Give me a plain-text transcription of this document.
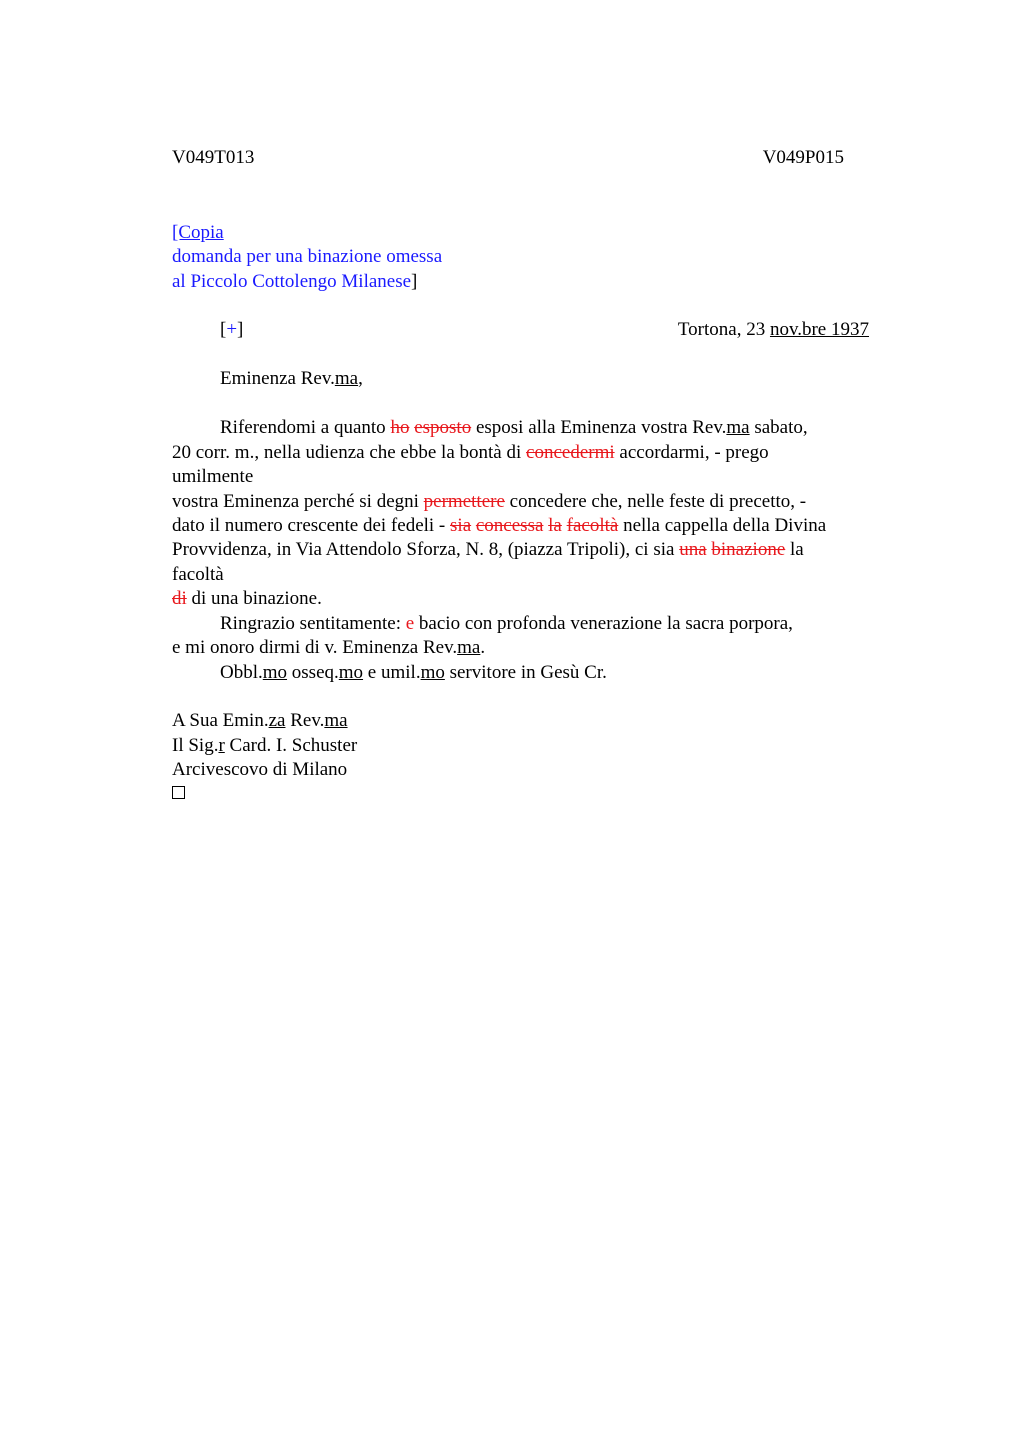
V049T013	V049P015
[Copia
domanda per una binazione omessa
al Piccolo Cottolengo Milanese]
[+]	Tortona, 23 nov.bre 1937
Eminenza Rev.ma,
Riferendomi a quanto ho esposto esposi alla Eminenza vostra Rev.ma sabato,
20 corr. m., nella udienza che ebbe la bontà di concedermi accordarmi, - prego
umilmente
vostra Eminenza perché si degni permettere concedere che, nelle feste di precetto, -
dato il numero crescente dei fedeli - sia concessa la facoltà nella cappella della Divina
Provvidenza, in Via Attendolo Sforza, N. 8, (piazza Tripoli), ci sia una binazione la
facoltà
di di una binazione.
Ringrazio sentitamente: e bacio con profonda venerazione la sacra porpora,
e mi onoro dirmi di v. Eminenza Rev.ma.
Obbl.mo osseq.mo e umil.mo servitore in Gesù Cr.
A Sua Emin.za Rev.ma
Il Sig.r Card. I. Schuster
Arcivescovo di Milano
